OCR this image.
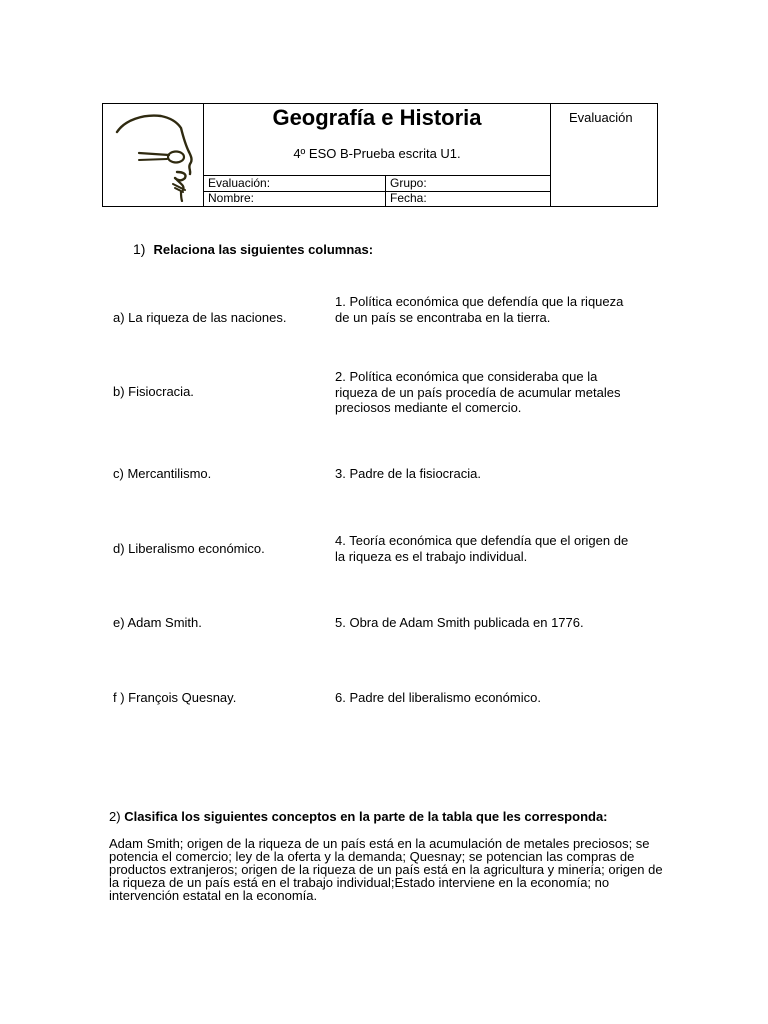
Geografía e Historia
4º ESO B-Prueba escrita U1.
Evaluación:	Grupo:
Nombre:	Fecha:
Evaluación
1) Relaciona las siguientes columnas:
a) La riqueza de las naciones.
b) Fisiocracia.
c) Mercantilismo.
d) Liberalismo económico.
e) Adam Smith.
f ) François Quesnay.
1. Política económica que defendía que la riqueza de un país se encontraba en la tierra.
2. Política económica que consideraba que la riqueza de un país procedía de acumular metales preciosos mediante el comercio.
3. Padre de la fisiocracia.
4. Teoría económica que defendía que el origen de la riqueza es el trabajo individual.
5. Obra de Adam Smith publicada en 1776.
6. Padre del liberalismo económico.
2) Clasifica los siguientes conceptos en la parte de la tabla que les corresponda:
Adam Smith; origen de la riqueza de un país está en la acumulación de metales preciosos; se potencia el comercio; ley de la oferta y la demanda; Quesnay; se potencian las compras de productos extranjeros; origen de la riqueza de un país está en la agricultura y minería; origen de la riqueza de un país está en el trabajo individual;Estado interviene en la economía; no intervención estatal en la economía.
